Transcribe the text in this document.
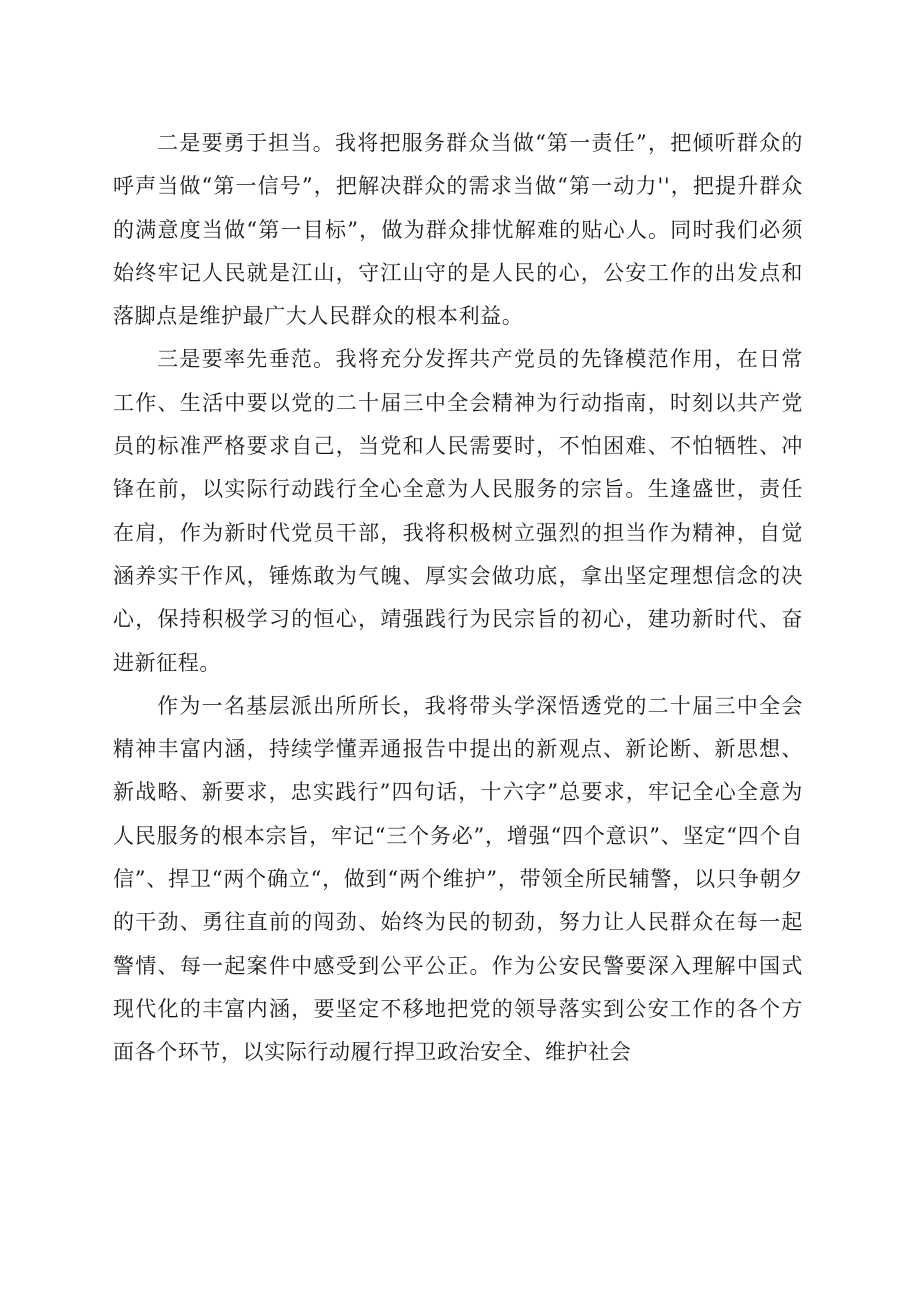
二是要勇于担当。我将把服务群众当做“第一责任”，把倾听群众的呼声当做“第一信号”，把解决群众的需求当做“第一动力''，把提升群众的满意度当做“第一目标”，做为群众排忧解难的贴心人。同时我们必须始终牢记人民就是江山，守江山守的是人民的心，公安工作的出发点和落脚点是维护最广大人民群众的根本利益。

三是要率先垂范。我将充分发挥共产党员的先锋模范作用，在日常工作、生活中要以党的二十届三中全会精神为行动指南，时刻以共产党员的标准严格要求自己，当党和人民需要时，不怕困难、不怕牺牲、冲锋在前，以实际行动践行全心全意为人民服务的宗旨。生逢盛世，责任在肩，作为新时代党员干部，我将积极树立强烈的担当作为精神，自觉涵养实干作风，锤炼敢为气魄、厚实会做功底，拿出坚定理想信念的决心，保持积极学习的恒心，靖强践行为民宗旨的初心，建功新时代、奋进新征程。

作为一名基层派出所所长，我将带头学深悟透党的二十届三中全会精神丰富内涵，持续学懂弄通报告中提出的新观点、新论断、新思想、新战略、新要求，忠实践行”四句话，十六字”总要求，牢记全心全意为人民服务的根本宗旨，牢记“三个务必”，增强“四个意识”、坚定“四个自信”、捍卫“两个确立“，做到“两个维护”，带领全所民辅警，以只争朝夕的干劲、勇往直前的闯劲、始终为民的韧劲，努力让人民群众在每一起警情、每一起案件中感受到公平公正。作为公安民警要深入理解中国式现代化的丰富内涵，要坚定不移地把党的领导落实到公安工作的各个方面各个环节，以实际行动履行捍卫政治安全、维护社会
